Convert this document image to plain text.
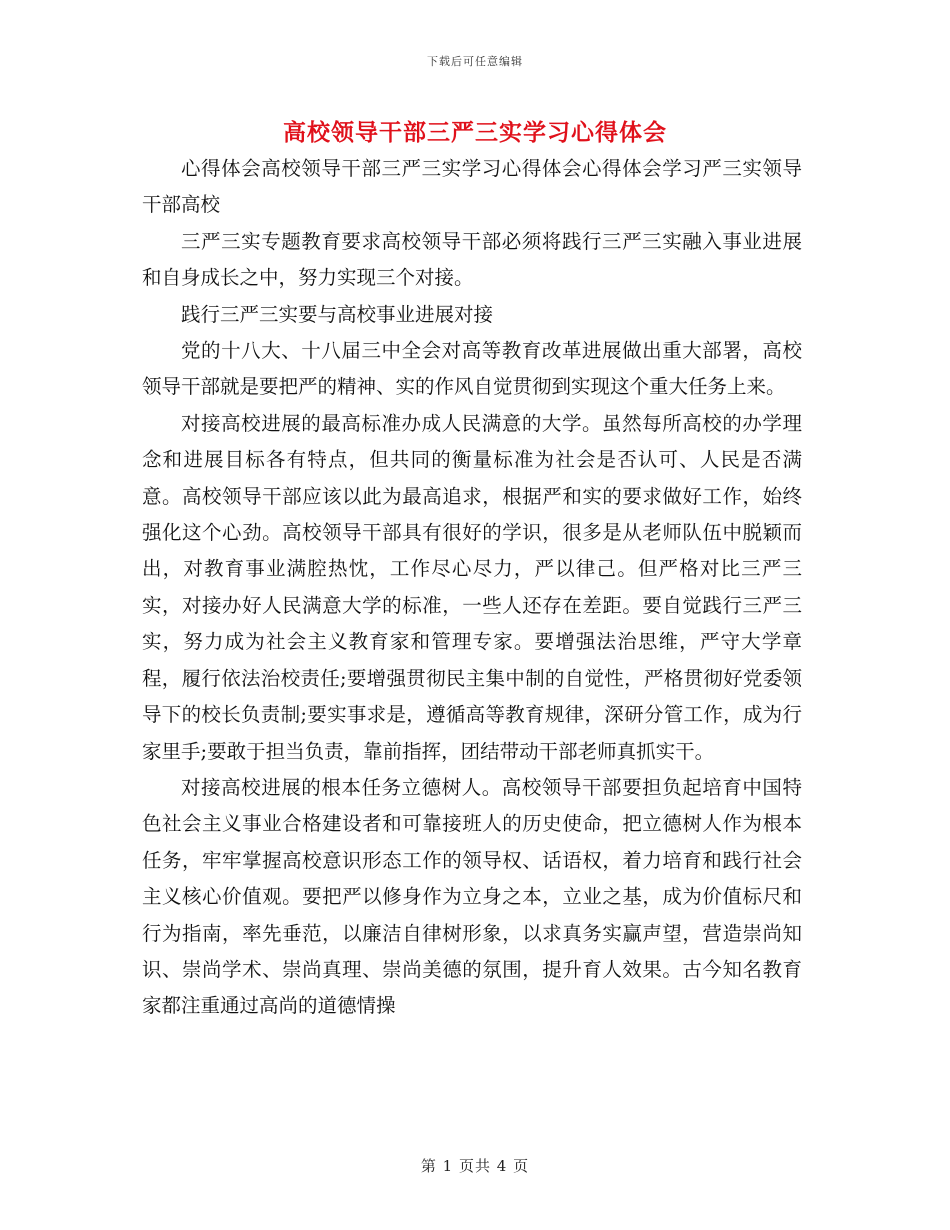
下载后可任意编辑
高校领导干部三严三实学习心得体会

心得体会高校领导干部三严三实学习心得体会心得体会学习严三实领导干部高校

三严三实专题教育要求高校领导干部必须将践行三严三实融入事业进展和自身成长之中，努力实现三个对接。

践行三严三实要与高校事业进展对接

党的十八大、十八届三中全会对高等教育改革进展做出重大部署，高校领导干部就是要把严的精神、实的作风自觉贯彻到实现这个重大任务上来。

对接高校进展的最高标准办成人民满意的大学。虽然每所高校的办学理念和进展目标各有特点，但共同的衡量标准为社会是否认可、人民是否满意。高校领导干部应该以此为最高追求，根据严和实的要求做好工作，始终强化这个心劲。高校领导干部具有很好的学识，很多是从老师队伍中脱颖而出，对教育事业满腔热忱，工作尽心尽力，严以律己。但严格对比三严三实，对接办好人民满意大学的标准，一些人还存在差距。要自觉践行三严三实，努力成为社会主义教育家和管理专家。要增强法治思维，严守大学章程，履行依法治校责任;要增强贯彻民主集中制的自觉性，严格贯彻好党委领导下的校长负责制;要实事求是，遵循高等教育规律，深研分管工作，成为行家里手;要敢于担当负责，靠前指挥，团结带动干部老师真抓实干。

对接高校进展的根本任务立德树人。高校领导干部要担负起培育中国特色社会主义事业合格建设者和可靠接班人的历史使命，把立德树人作为根本任务，牢牢掌握高校意识形态工作的领导权、话语权，着力培育和践行社会主义核心价值观。要把严以修身作为立身之本，立业之基，成为价值标尺和行为指南，率先垂范，以廉洁自律树形象，以求真务实赢声望，营造崇尚知识、崇尚学术、崇尚真理、崇尚美德的氛围，提升育人效果。古今知名教育家都注重通过高尚的道德情操

第 1 页共 4 页
